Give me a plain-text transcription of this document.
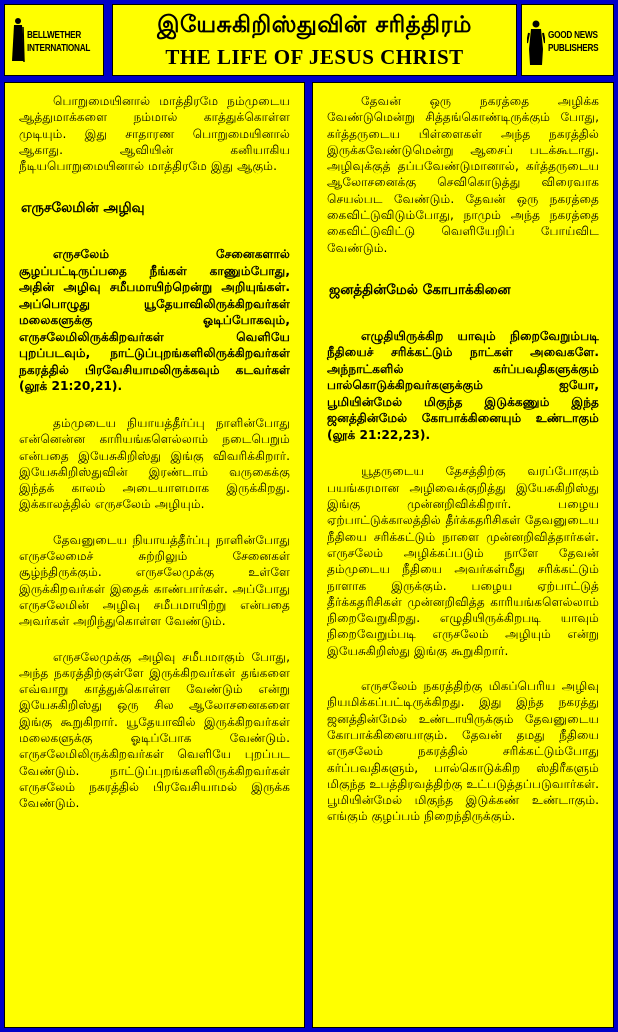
BELLWETHER
INTERNATIONAL
இயேசுகிறிஸ்துவின் சரித்திரம்
THE LIFE OF JESUS CHRIST
GOOD NEWS
PUBLISHERS

பொறுமையினால் மாத்திரமே நம்முடைய ஆத்துமாக்களை நம்மால் காத்துக்கொள்ள முடியும். இது சாதாரண பொறுமையினால் ஆகாது. ஆவியின் கனியாகிய நீடியபொறுமையினால் மாத்திரமே இது ஆகும்.

எருசலேமின் அழிவு

எருசலேம் சேனைகளால் சூழப்பட்டிருப்பதை நீங்கள் காணும்போது, அதின் அழிவு சமீபமாயிற்றென்று அறியுங்கள். அப்பொழுது யூதேயாவிலிருக்கிறவர்கள் மலைகளுக்கு ஓடிப்போகவும், எருசலேமிலிருக்கிறவர்கள் வெளியே புறப்படவும், நாட்டுப்புறங்களிலிருக்கிறவர்கள் நகரத்தில் பிரவேசியாமலிருக்கவும் கடவர்கள் (லூக் 21:20,21).

தம்முடைய நியாயத்தீர்ப்பு நாளின்போது என்னென்ன காரியங்களெல்லாம் நடைபெறும் என்பதை இயேசுகிறிஸ்து இங்கு விவரிக்கிறார். இயேசுகிறிஸ்துவின் இரண்டாம் வருகைக்கு இந்தக் காலம் அடையாளமாக இருக்கிறது. இக்காலத்தில் எருசலேம் அழியும்.

தேவனுடைய நியாயத்தீர்ப்பு நாளின்போது எருசலேமைச் சுற்றிலும் சேனைகள் சூழ்ந்திருக்கும். எருசலேமுக்கு உள்ளே இருக்கிறவர்கள் இதைக் காண்பார்கள். அப்போது எருசலேமின் அழிவு சமீபமாயிற்று என்பதை அவர்கள் அறிந்துகொள்ள வேண்டும்.

எருசலேமுக்கு அழிவு சமீபமாகும் போது, அந்த நகரத்திற்குள்ளே இருக்கிறவர்கள் தங்களை எவ்வாறு காத்துக்கொள்ள வேண்டும் என்று இயேசுகிறிஸ்து ஒரு சில ஆலோசனைகளை இங்கு கூறுகிறார். யூதேயாவில் இருக்கிறவர்கள் மலைகளுக்கு ஓடிப்போக வேண்டும். எருசலேமிலிருக்கிறவர்கள் வெளியே புறப்பட வேண்டும். நாட்டுப்புறங்களிலிருக்கிறவர்கள் எருசலேம் நகரத்தில் பிரவேசியாமல் இருக்க வேண்டும்.

தேவன் ஒரு நகரத்தை அழிக்க வேண்டுமென்று சித்தங்கொண்டிருக்கும் போது, கர்த்தருடைய பிள்ளைகள் அந்த நகரத்தில் இருக்கவேண்டுமென்று ஆசைப் படக்கூடாது. அழிவுக்குத் தப்பவேண்டுமானால், கர்த்தருடைய ஆலோசனைக்கு செவிகொடுத்து விரைவாக செயல்பட வேண்டும். தேவன் ஒரு நகரத்தை கைவிட்டுவிடும்போது, நாமும் அந்த நகரத்தை கைவிட்டுவிட்டு வெளியேறிப் போய்விட வேண்டும்.

ஜனத்தின்மேல் கோபாக்கினை

எழுதியிருக்கிற யாவும் நிறைவேறும்படி நீதியைச் சரிக்கட்டும் நாட்கள் அவைகளே. அந்நாட்களில் கர்ப்பவதிகளுக்கும் பால்கொடுக்கிறவர்களுக்கும் ஐயோ, பூமியின்மேல் மிகுந்த இடுக்கணும் இந்த ஜனத்தின்மேல் கோபாக்கினையும் உண்டாகும் (லூக் 21:22,23).

யூதருடைய தேசத்திற்கு வரப்போகும் பயங்கரமான அழிவைக்குறித்து இயேசுகிறிஸ்து இங்கு முன்னறிவிக்கிறார். பழைய ஏற்பாட்டுக்காலத்தில் தீர்க்கதரிசிகள் தேவனுடைய நீதியை சரிக்கட்டும் நாளை முன்னறிவித்தார்கள். எருசலேம் அழிக்கப்படும் நாளே தேவன் தம்முடைய நீதியை அவர்கள்மீது சரிக்கட்டும் நாளாக இருக்கும். பழைய ஏற்பாட்டுத் தீர்க்கதரிசிகள் முன்னறிவித்த காரியங்களெல்லாம் நிறைவேறுகிறது. எழுதியிருக்கிறபடி யாவும் நிறைவேறும்படி எருசலேம் அழியும் என்று இயேசுகிறிஸ்து இங்கு கூறுகிறார்.

எருசலேம் நகரத்திற்கு மிகப்பெரிய அழிவு நியமிக்கப்பட்டிருக்கிறது. இது இந்த நகரத்து ஜனத்தின்மேல் உண்டாயிருக்கும் தேவனுடைய கோபாக்கினையாகும். தேவன் தமது நீதியை எருசலேம் நகரத்தில் சரிக்கட்டும்போது கர்ப்பவதிகளும், பால்கொடுக்கிற ஸ்திரீகளும் மிகுந்த உபத்திரவத்திற்கு உட்படுத்தப்படுவார்கள். பூமியின்மேல் மிகுந்த இடுக்கண் உண்டாகும். எங்கும் குழப்பம் நிறைந்திருக்கும்.
